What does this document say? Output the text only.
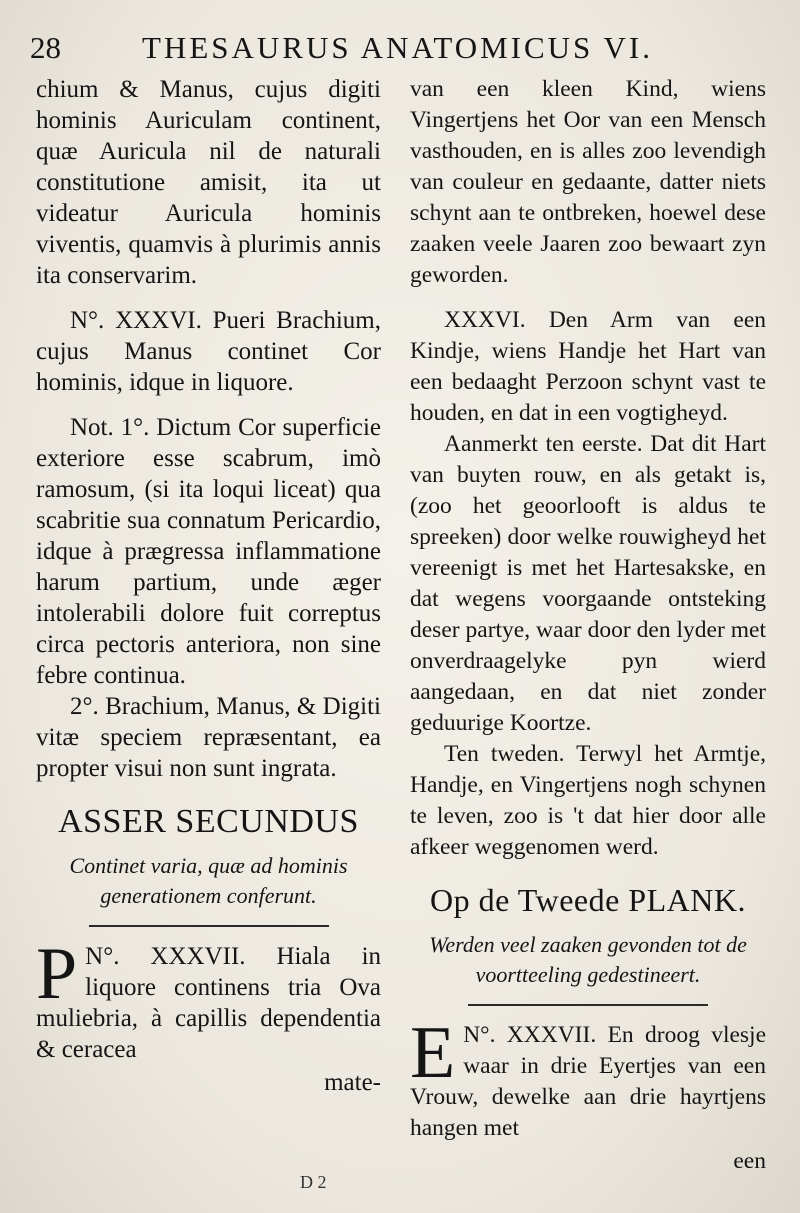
28	THESAURUS ANATOMICUS VI.

chium & Manus, cujus digiti hominis Auriculam continent, quæ Auricula nil de naturali constitutione amisit, ita ut videatur Auricula hominis viventis, quamvis à plurimis annis ita conservarim.

N°. XXXVI. Pueri Brachium, cujus Manus continet Cor hominis, idque in liquore.

Not. 1°. Dictum Cor superficie exteriore esse scabrum, imò ramosum, (si ita loqui liceat) qua scabritie sua connatum Pericardio, idque à prægressa inflammatione harum partium, unde æger intolerabili dolore fuit correptus circa pectoris anteriora, non sine febre continua.

2°. Brachium, Manus, & Digiti vitæ speciem repræsentant, ea propter visui non sunt ingrata.

ASSER SECUNDUS
Continet varia, quæ ad hominis generationem conferunt.

N°. XXXVII.
P	Hiala in liquore continens tria Ova muliebria, à capillis dependentia & ceracea

mate-

van een kleen Kind, wiens Vingertjens het Oor van een Mensch vasthouden, en is alles zoo levendigh van couleur en gedaante, datter niets schynt aan te ontbreken, hoewel dese zaaken veele Jaaren zoo bewaart zyn geworden.

XXXVI. Den Arm van een Kindje, wiens Handje het Hart van een bedaaght Perzoon schynt vast te houden, en dat in een vogtigheyd.

Aanmerkt ten eerste. Dat dit Hart van buyten rouw, en als getakt is, (zoo het geoorlooft is aldus te spreeken) door welke rouwigheyd het vereenigt is met het Hartesakske, en dat wegens voorgaande ontsteking deser partye, waar door den lyder met onverdraagelyke pyn wierd aangedaan, en dat niet zonder geduurige Koortze.

Ten tweden. Terwyl het Armtje, Handje, en Vingertjens nogh schynen te leven, zoo is 't dat hier door alle afkeer weggenomen werd.

Op de Tweede PLANK.
Werden veel zaaken gevonden tot de voortteeling gedestineert.

N°. XXXVII.
E	En droog vlesje waar in drie Eyertjes van een Vrouw, dewelke aan drie hayrtjens hangen met

een
D 2
